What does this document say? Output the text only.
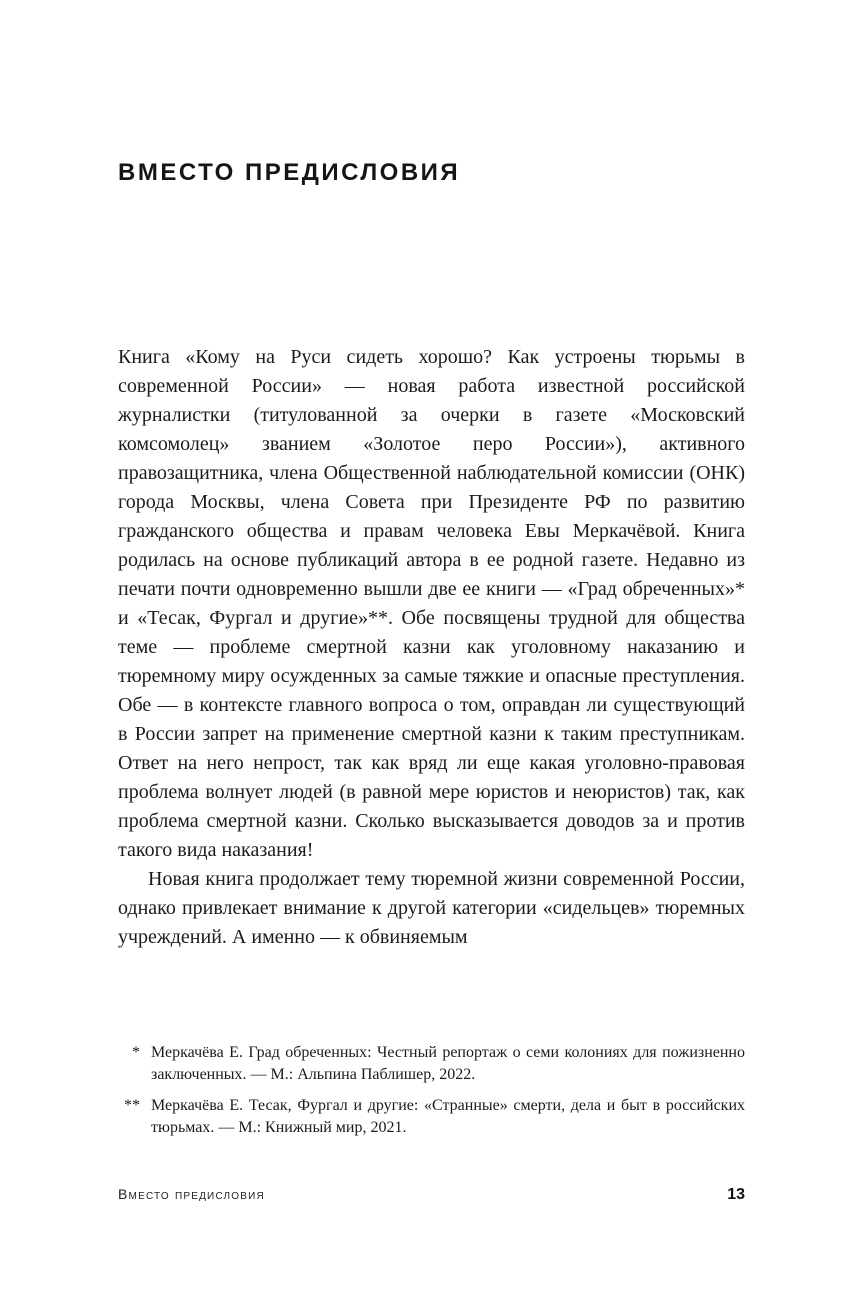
ВМЕСТО ПРЕДИСЛОВИЯ

Книга «Кому на Руси сидеть хорошо? Как устроены тюрьмы в современной России» — новая работа известной российской журналистки (титулованной за очерки в газете «Московский комсомолец» званием «Золотое перо России»), активного правозащитника, члена Общественной наблюдательной комиссии (ОНК) города Москвы, члена Совета при Президенте РФ по развитию гражданского общества и правам человека Евы Меркачёвой. Книга родилась на основе публикаций автора в ее родной газете. Недавно из печати почти одновременно вышли две ее книги — «Град обреченных»* и «Тесак, Фургал и другие»**. Обе посвящены трудной для общества теме — проблеме смертной казни как уголовному наказанию и тюремному миру осужденных за самые тяжкие и опасные преступления. Обе — в контексте главного вопроса о том, оправдан ли существующий в России запрет на применение смертной казни к таким преступникам. Ответ на него непрост, так как вряд ли еще какая уголовно-правовая проблема волнует людей (в равной мере юристов и неюристов) так, как проблема смертной казни. Сколько высказывается доводов за и против такого вида наказания!

Новая книга продолжает тему тюремной жизни современной России, однако привлекает внимание к другой категории «сидельцев» тюремных учреждений. А именно — к обвиняемым

* Меркачёва Е. Град обреченных: Честный репортаж о семи колониях для пожизненно заключенных. — М.: Альпина Паблишер, 2022.

** Меркачёва Е. Тесак, Фургал и другие: «Странные» смерти, дела и быт в российских тюрьмах. — М.: Книжный мир, 2021.

Вместо предисловия	13
